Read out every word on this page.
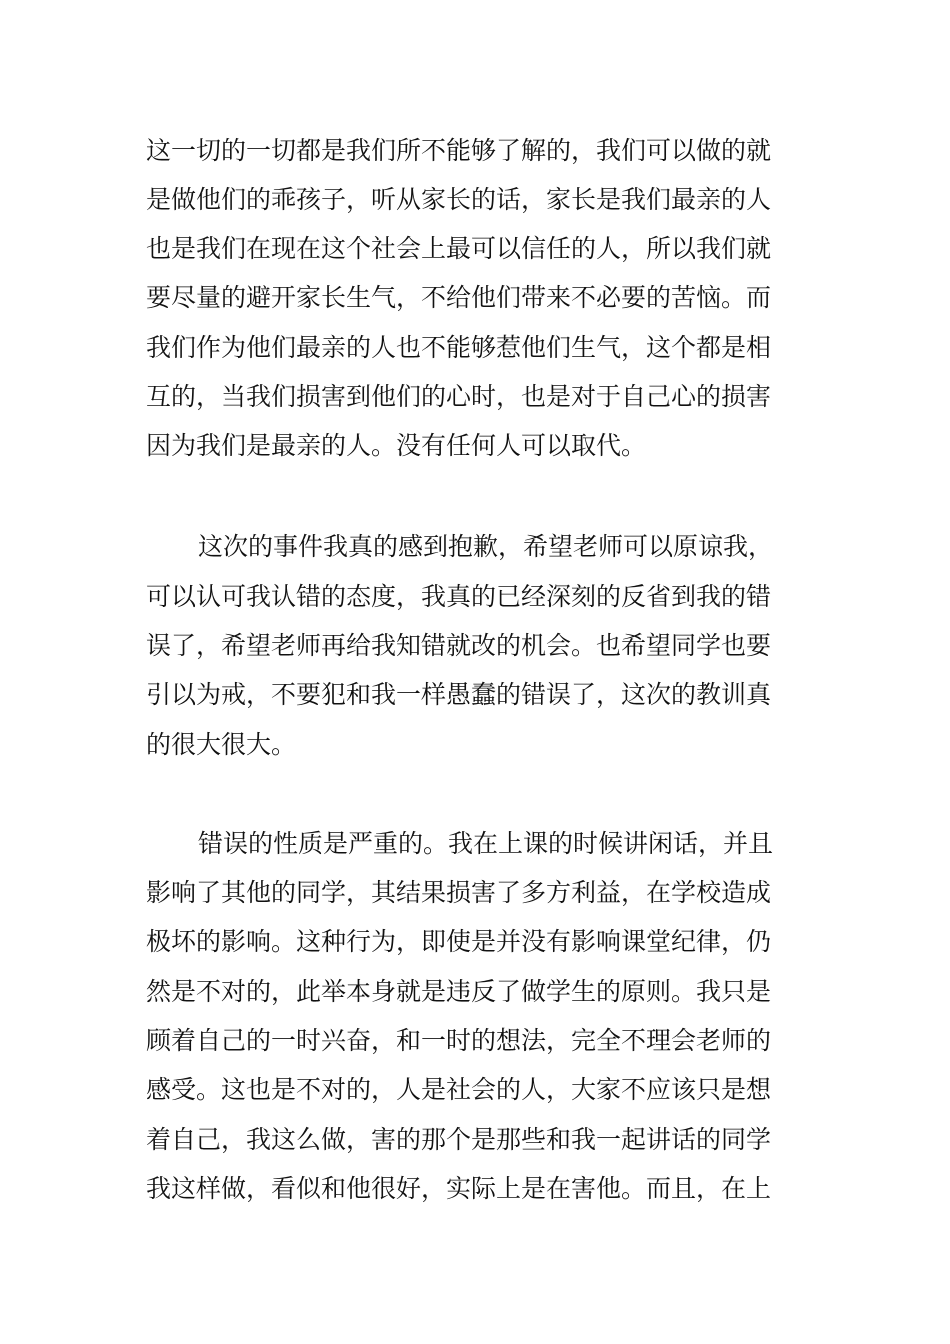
这一切的一切都是我们所不能够了解的，我们可以做的就
是做他们的乖孩子，听从家长的话，家长是我们最亲的人
也是我们在现在这个社会上最可以信任的人，所以我们就
要尽量的避开家长生气，不给他们带来不必要的苦恼。而
我们作为他们最亲的人也不能够惹他们生气，这个都是相
互的，当我们损害到他们的心时，也是对于自己心的损害
因为我们是最亲的人。没有任何人可以取代。
这次的事件我真的感到抱歉，希望老师可以原谅我，
可以认可我认错的态度，我真的已经深刻的反省到我的错
误了，希望老师再给我知错就改的机会。也希望同学也要
引以为戒，不要犯和我一样愚蠢的错误了，这次的教训真
的很大很大。
错误的性质是严重的。我在上课的时候讲闲话，并且
影响了其他的同学，其结果损害了多方利益，在学校造成
极坏的影响。这种行为，即使是并没有影响课堂纪律，仍
然是不对的，此举本身就是违反了做学生的原则。我只是
顾着自己的一时兴奋，和一时的想法，完全不理会老师的
感受。这也是不对的，人是社会的人，大家不应该只是想
着自己，我这么做，害的那个是那些和我一起讲话的同学
我这样做，看似和他很好，实际上是在害他。而且，在上
